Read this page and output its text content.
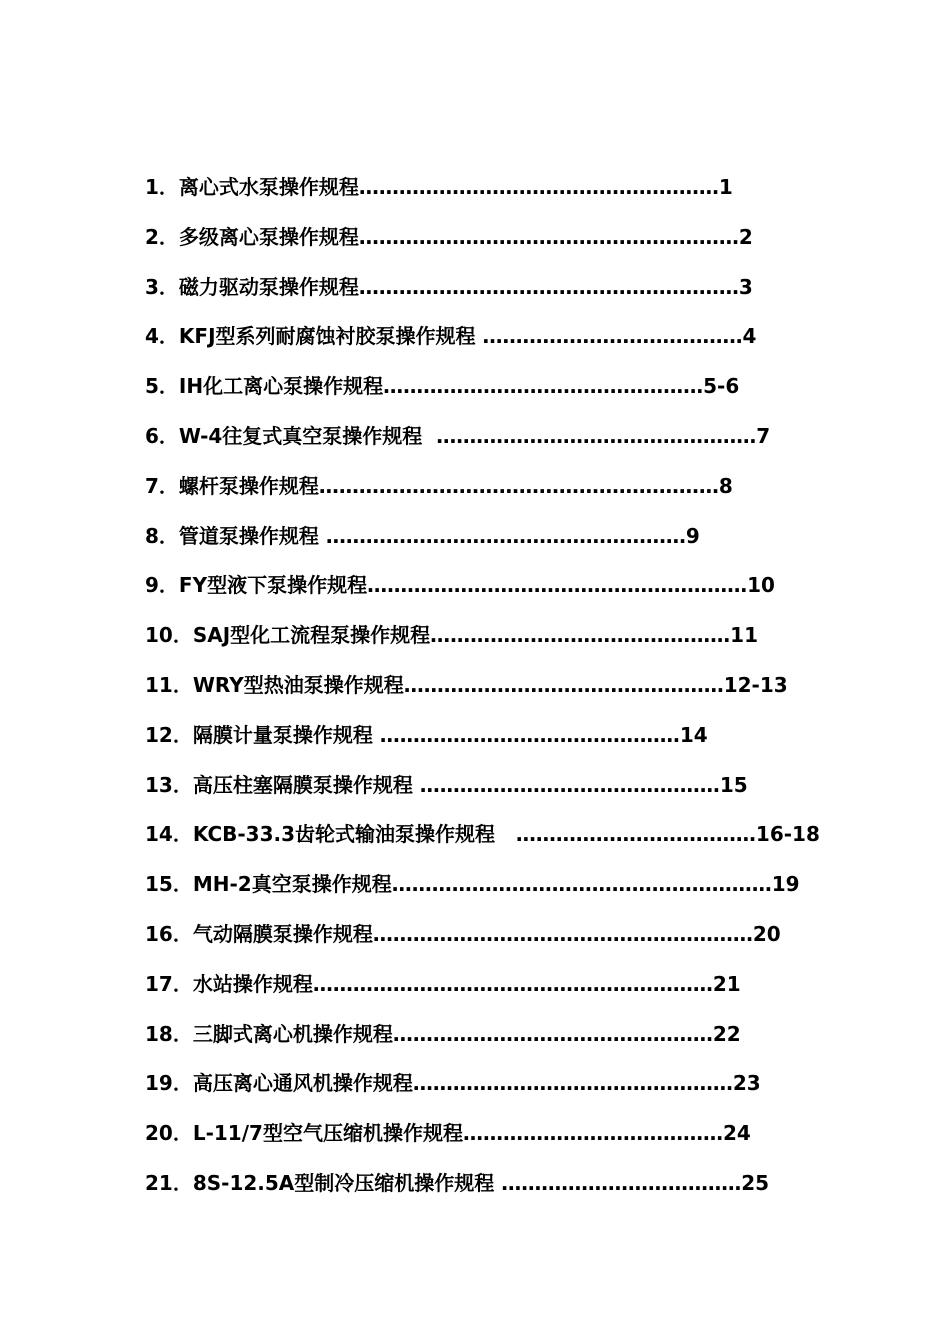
1．离心式水泵操作规程………………………………………………1
2．多级离心泵操作规程…………………………………………………2
3．磁力驱动泵操作规程…………………………………………………3
4．KFJ型系列耐腐蚀衬胶泵操作规程 …………………………………4
5．IH化工离心泵操作规程…………………………………………5-6
6．W-4往复式真空泵操作规程  …………………………………………7
7．螺杆泵操作规程……………………………………………………8
8．管道泵操作规程 ………………………………………………9
9．FY型液下泵操作规程…………………………………………………10
10．SAJ型化工流程泵操作规程………………………………………11
11．WRY型热油泵操作规程…………………………………………12-13
12．隔膜计量泵操作规程 ………………………………………14
13．高压柱塞隔膜泵操作规程 ………………………………………15
14．KCB-33.3齿轮式输油泵操作规程   ………………………………16-18
15．MH-2真空泵操作规程…………………………………………………19
16．气动隔膜泵操作规程…………………………………………………20
17．水站操作规程……………………………………………………21
18．三脚式离心机操作规程…………………………………………22
19．高压离心通风机操作规程…………………………………………23
20．L-11/7型空气压缩机操作规程…………………………………24
21．8S-12.5A型制冷压缩机操作规程 ………………………………25
